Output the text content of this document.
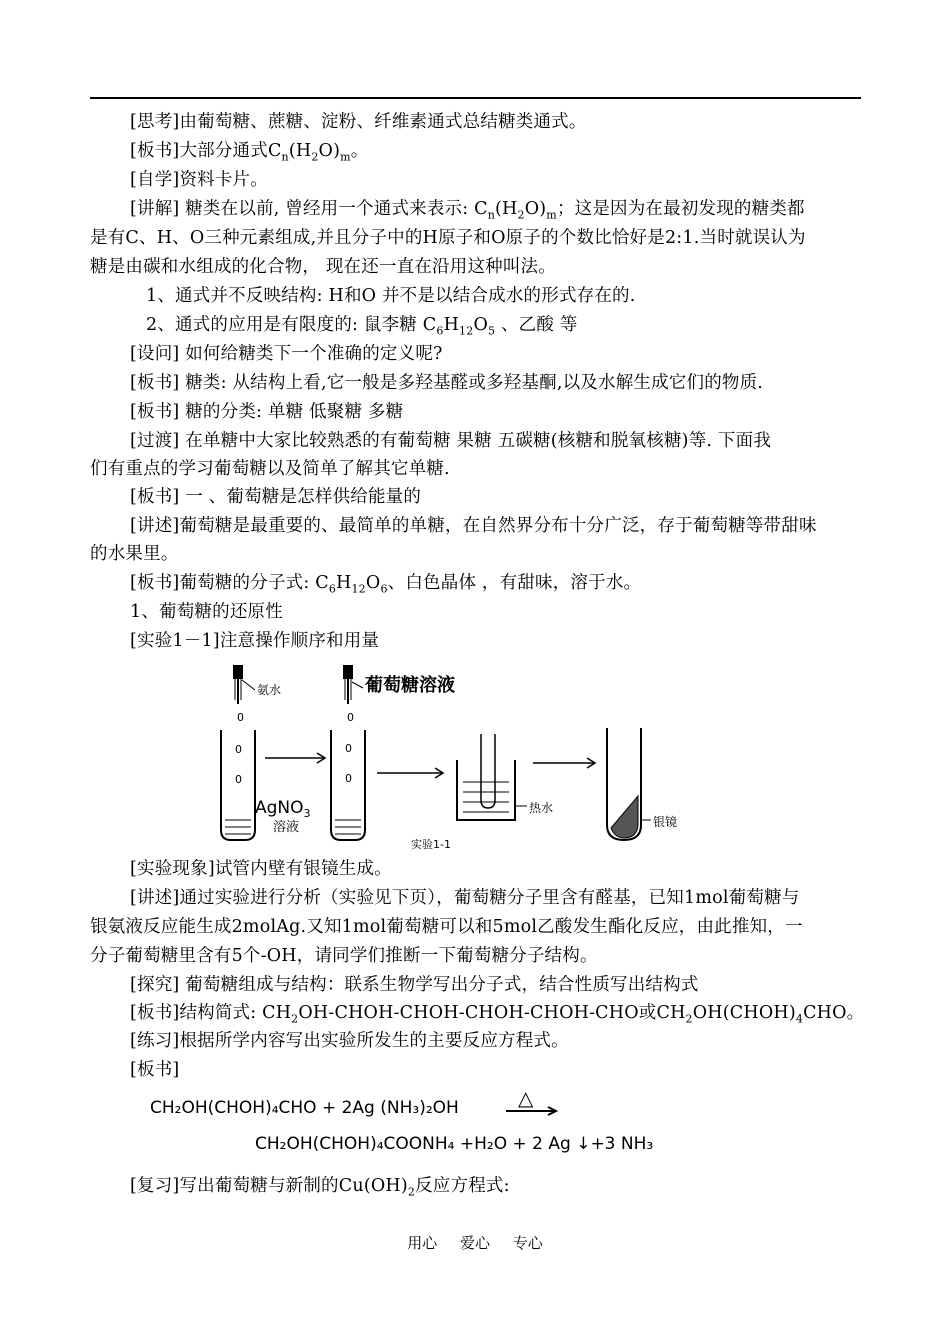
[思考]由葡萄糖、蔗糖、淀粉、纤维素通式总结糖类通式。
[板书]大部分通式$C_n(H_2O)_m$。
[自学]资料卡片。
[讲解] 糖类在以前, 曾经用一个通式来表示: $C_n(H_2O)_m$；这是因为在最初发现的糖类都
是有C、H、O三种元素组成,并且分子中的H原子和O原子的个数比恰好是2:1.当时就误认为
糖是由碳和水组成的化合物， 现在还一直在沿用这种叫法。
1、通式并不反映结构: H和O 并不是以结合成水的形式存在的.
2、通式的应用是有限度的: 鼠李糖 $C_6H_{12}O_5$ 、乙酸 等
[设问] 如何给糖类下一个准确的定义呢?
[板书] 糖类: 从结构上看,它一般是多羟基醛或多羟基酮,以及水解生成它们的物质.
[板书] 糖的分类: 单糖 低聚糖 多糖
[过渡] 在单糖中大家比较熟悉的有葡萄糖 果糖 五碳糖(核糖和脱氧核糖)等. 下面我
们有重点的学习葡萄糖以及简单了解其它单糖.
[板书] 一 、葡萄糖是怎样供给能量的
[讲述]葡萄糖是最重要的、最简单的单糖，在自然界分布十分广泛，存于葡萄糖等带甜味
的水果里。
[板书]葡萄糖的分子式: $C_6H_{12}O_6$、白色晶体 ，有甜味，溶于水。
1、葡萄糖的还原性
[实验1－1]注意操作顺序和用量
0
0
0
0
0
0
氨水	葡萄糖溶液
AgNO$_3$
溶液
热水
银镜
实验1-1
[实验现象]试管内壁有银镜生成。
[讲述]通过实验进行分析（实验见下页），葡萄糖分子里含有醛基，已知1mol葡萄糖与
银氨液反应能生成2molAg.又知1mol葡萄糖可以和5mol乙酸发生酯化反应，由此推知，一
分子葡萄糖里含有5个-OH，请同学们推断一下葡萄糖分子结构。
[探究] 葡萄糖组成与结构：联系生物学写出分子式，结合性质写出结构式
[板书]结构简式: $CH_2OH-CHOH-CHOH-CHOH-CHOH$-CHO或$CH_2OH(CHOH)_4CHO$。
[练习]根据所学内容写出实验所发生的主要反应方程式。
[板书]
CH₂OH(CHOH)₄CHO + 2Ag (NH₃)₂OH	△
CH₂OH(CHOH)₄COONH₄ +H₂O + 2 Ag ↓+3 NH₃
[复习]写出葡萄糖与新制的$Cu(OH)_2$反应方程式:
用心 爱心 专心
